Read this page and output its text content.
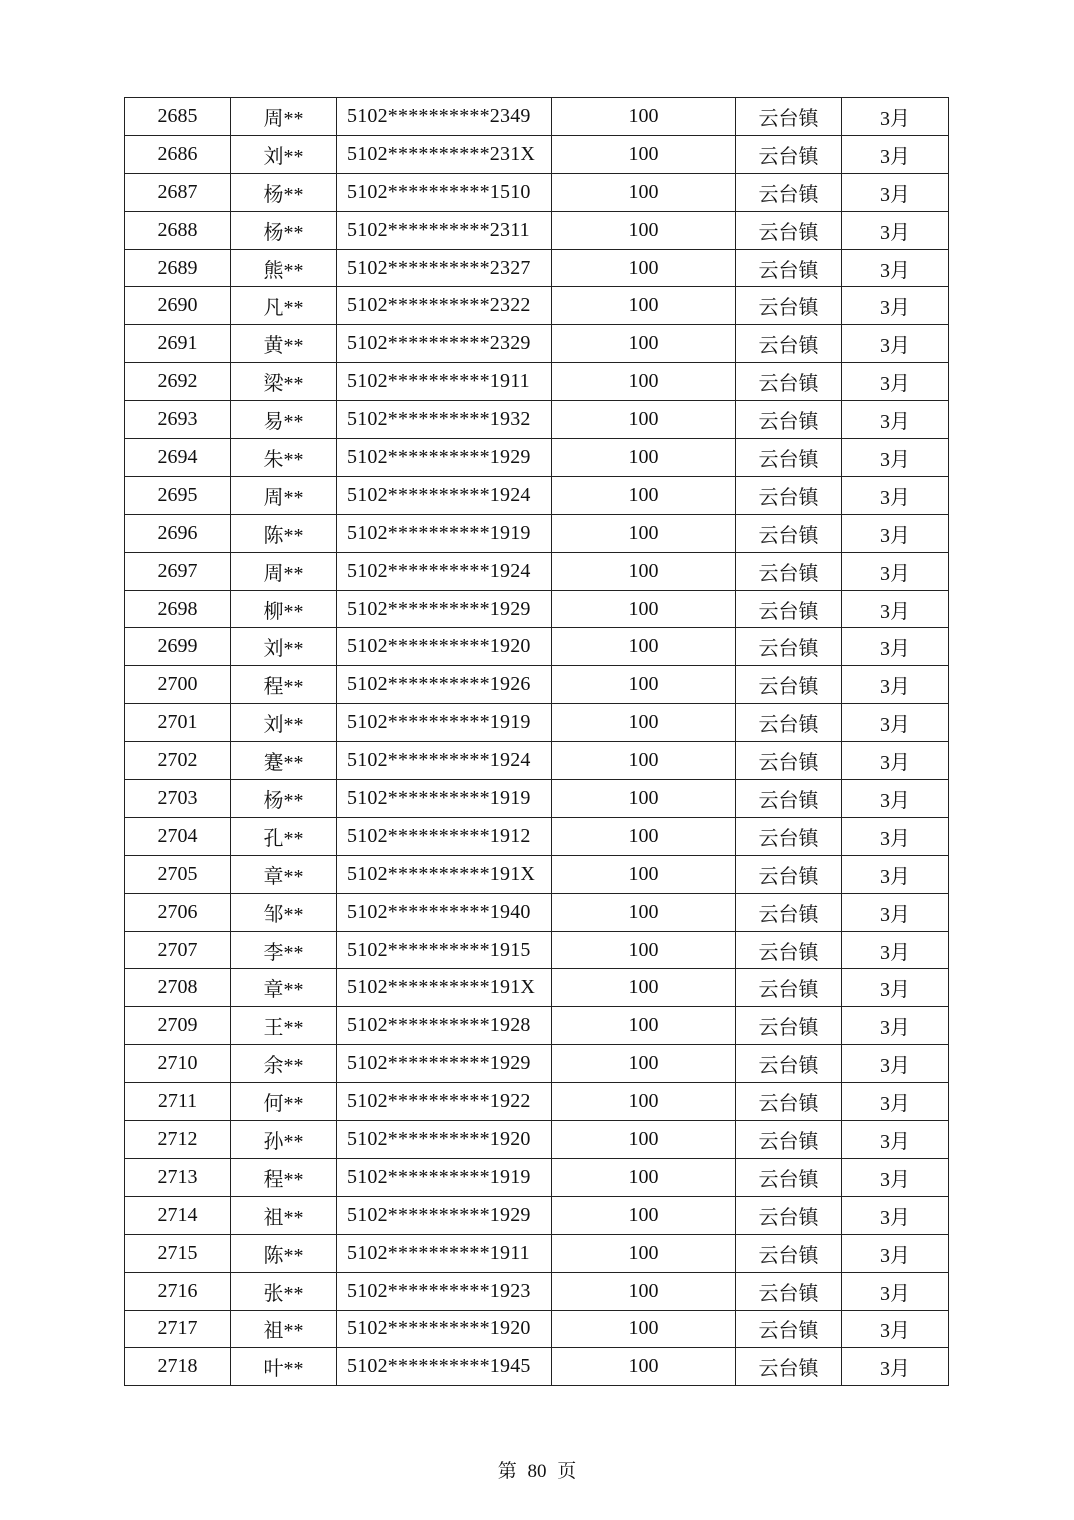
2685	周**	5102**********2349	100	云台镇	3月
2686	刘**	5102**********231X	100	云台镇	3月
2687	杨**	5102**********1510	100	云台镇	3月
2688	杨**	5102**********2311	100	云台镇	3月
2689	熊**	5102**********2327	100	云台镇	3月
2690	凡**	5102**********2322	100	云台镇	3月
2691	黄**	5102**********2329	100	云台镇	3月
2692	梁**	5102**********1911	100	云台镇	3月
2693	易**	5102**********1932	100	云台镇	3月
2694	朱**	5102**********1929	100	云台镇	3月
2695	周**	5102**********1924	100	云台镇	3月
2696	陈**	5102**********1919	100	云台镇	3月
2697	周**	5102**********1924	100	云台镇	3月
2698	柳**	5102**********1929	100	云台镇	3月
2699	刘**	5102**********1920	100	云台镇	3月
2700	程**	5102**********1926	100	云台镇	3月
2701	刘**	5102**********1919	100	云台镇	3月
2702	蹇**	5102**********1924	100	云台镇	3月
2703	杨**	5102**********1919	100	云台镇	3月
2704	孔**	5102**********1912	100	云台镇	3月
2705	章**	5102**********191X	100	云台镇	3月
2706	邹**	5102**********1940	100	云台镇	3月
2707	李**	5102**********1915	100	云台镇	3月
2708	章**	5102**********191X	100	云台镇	3月
2709	王**	5102**********1928	100	云台镇	3月
2710	余**	5102**********1929	100	云台镇	3月
2711	何**	5102**********1922	100	云台镇	3月
2712	孙**	5102**********1920	100	云台镇	3月
2713	程**	5102**********1919	100	云台镇	3月
2714	祖**	5102**********1929	100	云台镇	3月
2715	陈**	5102**********1911	100	云台镇	3月
2716	张**	5102**********1923	100	云台镇	3月
2717	祖**	5102**********1920	100	云台镇	3月
2718	叶**	5102**********1945	100	云台镇	3月
第 80 页
